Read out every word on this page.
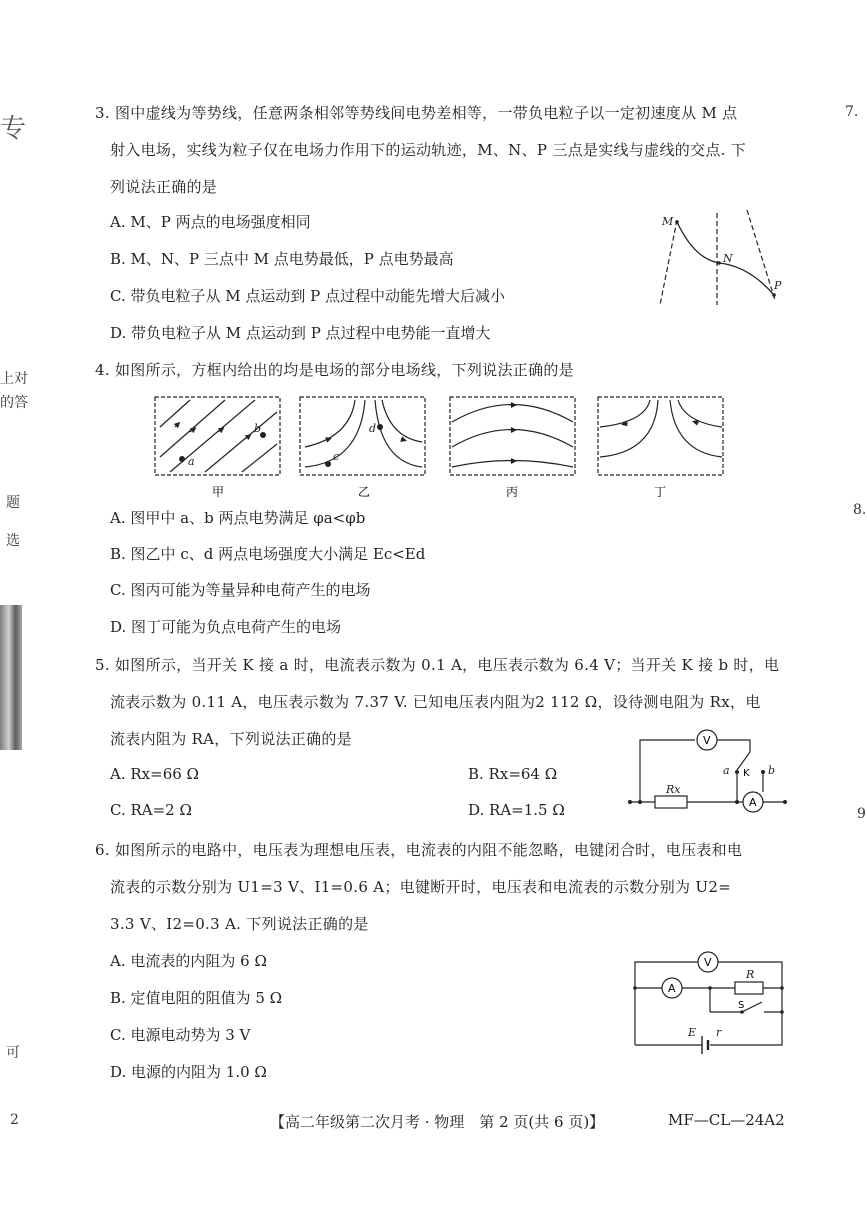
专
上对
的答
题
选
可
2
7.
8.
9
3. 图中虚线为等势线，任意两条相邻等势线间电势差相等，一带负电粒子以一定初速度从 M 点
射入电场，实线为粒子仅在电场力作用下的运动轨迹，M、N、P 三点是实线与虚线的交点. 下
列说法正确的是
A. M、P 两点的电场强度相同
B. M、N、P 三点中 M 点电势最低，P 点电势最高
C. 带负电粒子从 M 点运动到 P 点过程中动能先增大后减小
D. 带负电粒子从 M 点运动到 P 点过程中电势能一直增大
M
N
P
4. 如图所示，方框内给出的均是电场的部分电场线，下列说法正确的是
a
b
c
d
甲	乙	丙	丁
A. 图甲中 a、b 两点电势满足 φa<φb
B. 图乙中 c、d 两点电场强度大小满足 Ec<Ed
C. 图丙可能为等量异种电荷产生的电场
D. 图丁可能为负点电荷产生的电场
5. 如图所示，当开关 K 接 a 时，电流表示数为 0.1 A，电压表示数为 6.4 V；当开关 K 接 b 时，电
流表示数为 0.11 A，电压表示数为 7.37 V. 已知电压表内阻为2 112 Ω，设待测电阻为 Rx，电
流表内阻为 RA，下列说法正确的是
A. Rx=66 Ω	B. Rx=64 Ω
C. RA=2 Ω	D. RA=1.5 Ω
V
a K b
Rx
A
6. 如图所示的电路中，电压表为理想电压表，电流表的内阻不能忽略，电键闭合时，电压表和电
流表的示数分别为 U1=3 V、I1=0.6 A；电键断开时，电压表和电流表的示数分别为 U2=
3.3 V、I2=0.3 A. 下列说法正确的是
A. 电流表的内阻为 6 Ω
B. 定值电阻的阻值为 5 Ω
C. 电源电动势为 3 V
D. 电源的内阻为 1.0 Ω
V
A
R
S
E r
【高二年级第二次月考 · 物理　第 2 页(共 6 页)】	MF—CL—24A2
